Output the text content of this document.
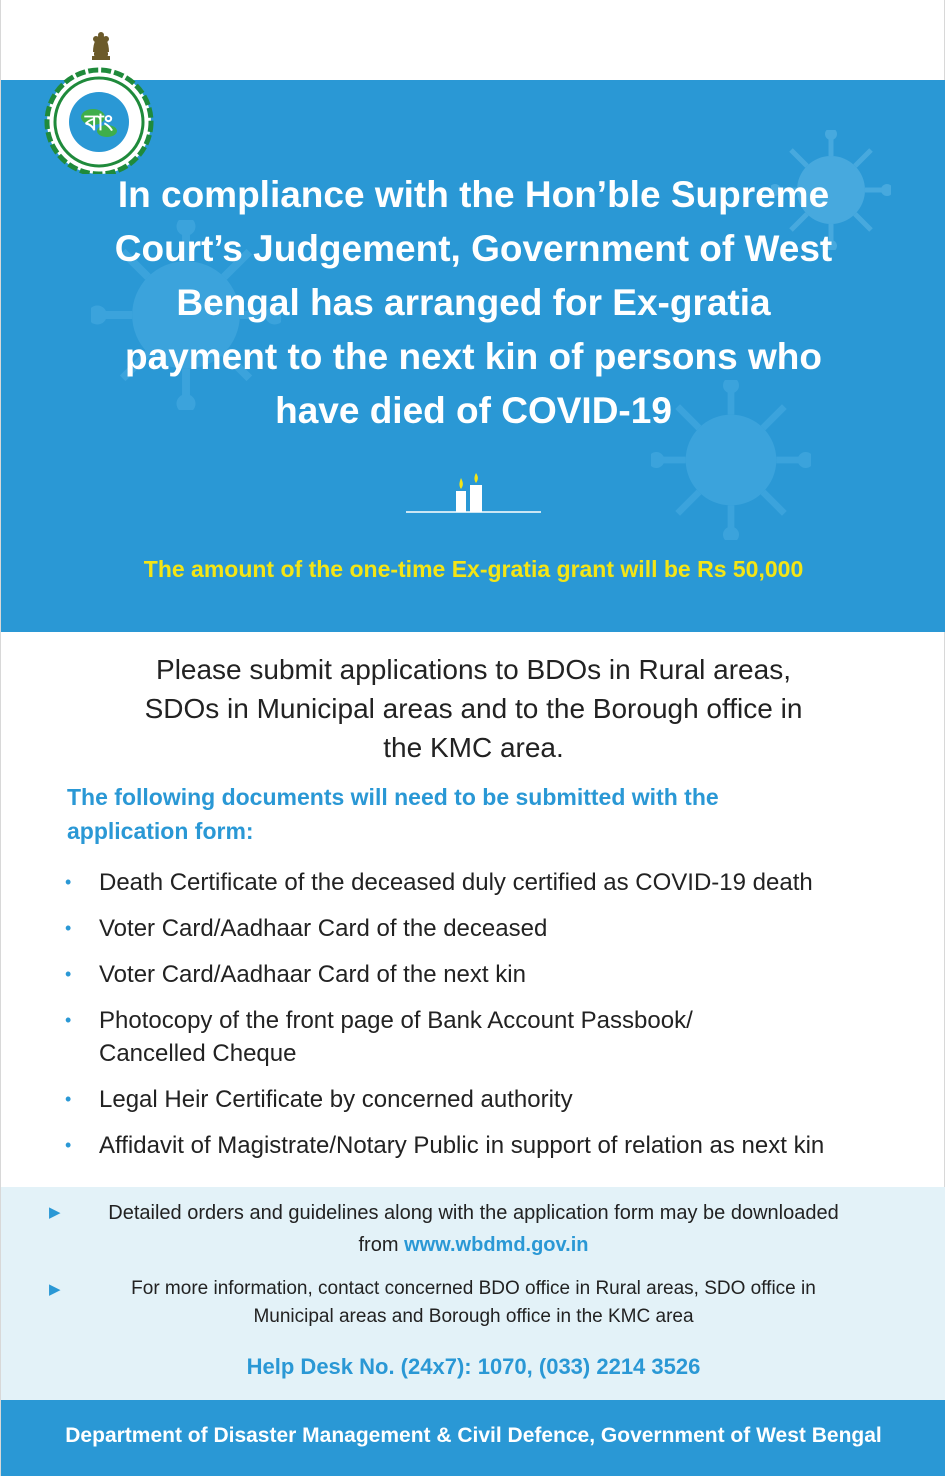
বাং
In compliance with the Hon’ble Supreme
Court’s Judgement, Government of West
Bengal has arranged for Ex-gratia
payment to the next kin of persons who
have died of COVID-19
The amount of the one-time Ex-gratia grant will be Rs 50,000
Please submit applications to BDOs in Rural areas,
SDOs in Municipal areas and to the Borough office in
the KMC area.
The following documents will need to be submitted with the
application form:
• Death Certificate of the deceased duly certified as COVID-19 death
• Voter Card/Aadhaar Card of the deceased
• Voter Card/Aadhaar Card of the next kin
• Photocopy of the front page of Bank Account Passbook/
Cancelled Cheque
• Legal Heir Certificate by concerned authority
• Affidavit of Magistrate/Notary Public in support of relation as next kin
▶	Detailed orders and guidelines along with the application form may be downloaded
from www.wbdmd.gov.in
▶	For more information, contact concerned BDO office in Rural areas, SDO office in
Municipal areas and Borough office in the KMC area
Help Desk No. (24x7): 1070, (033) 2214 3526
Department of Disaster Management & Civil Defence, Government of West Bengal
